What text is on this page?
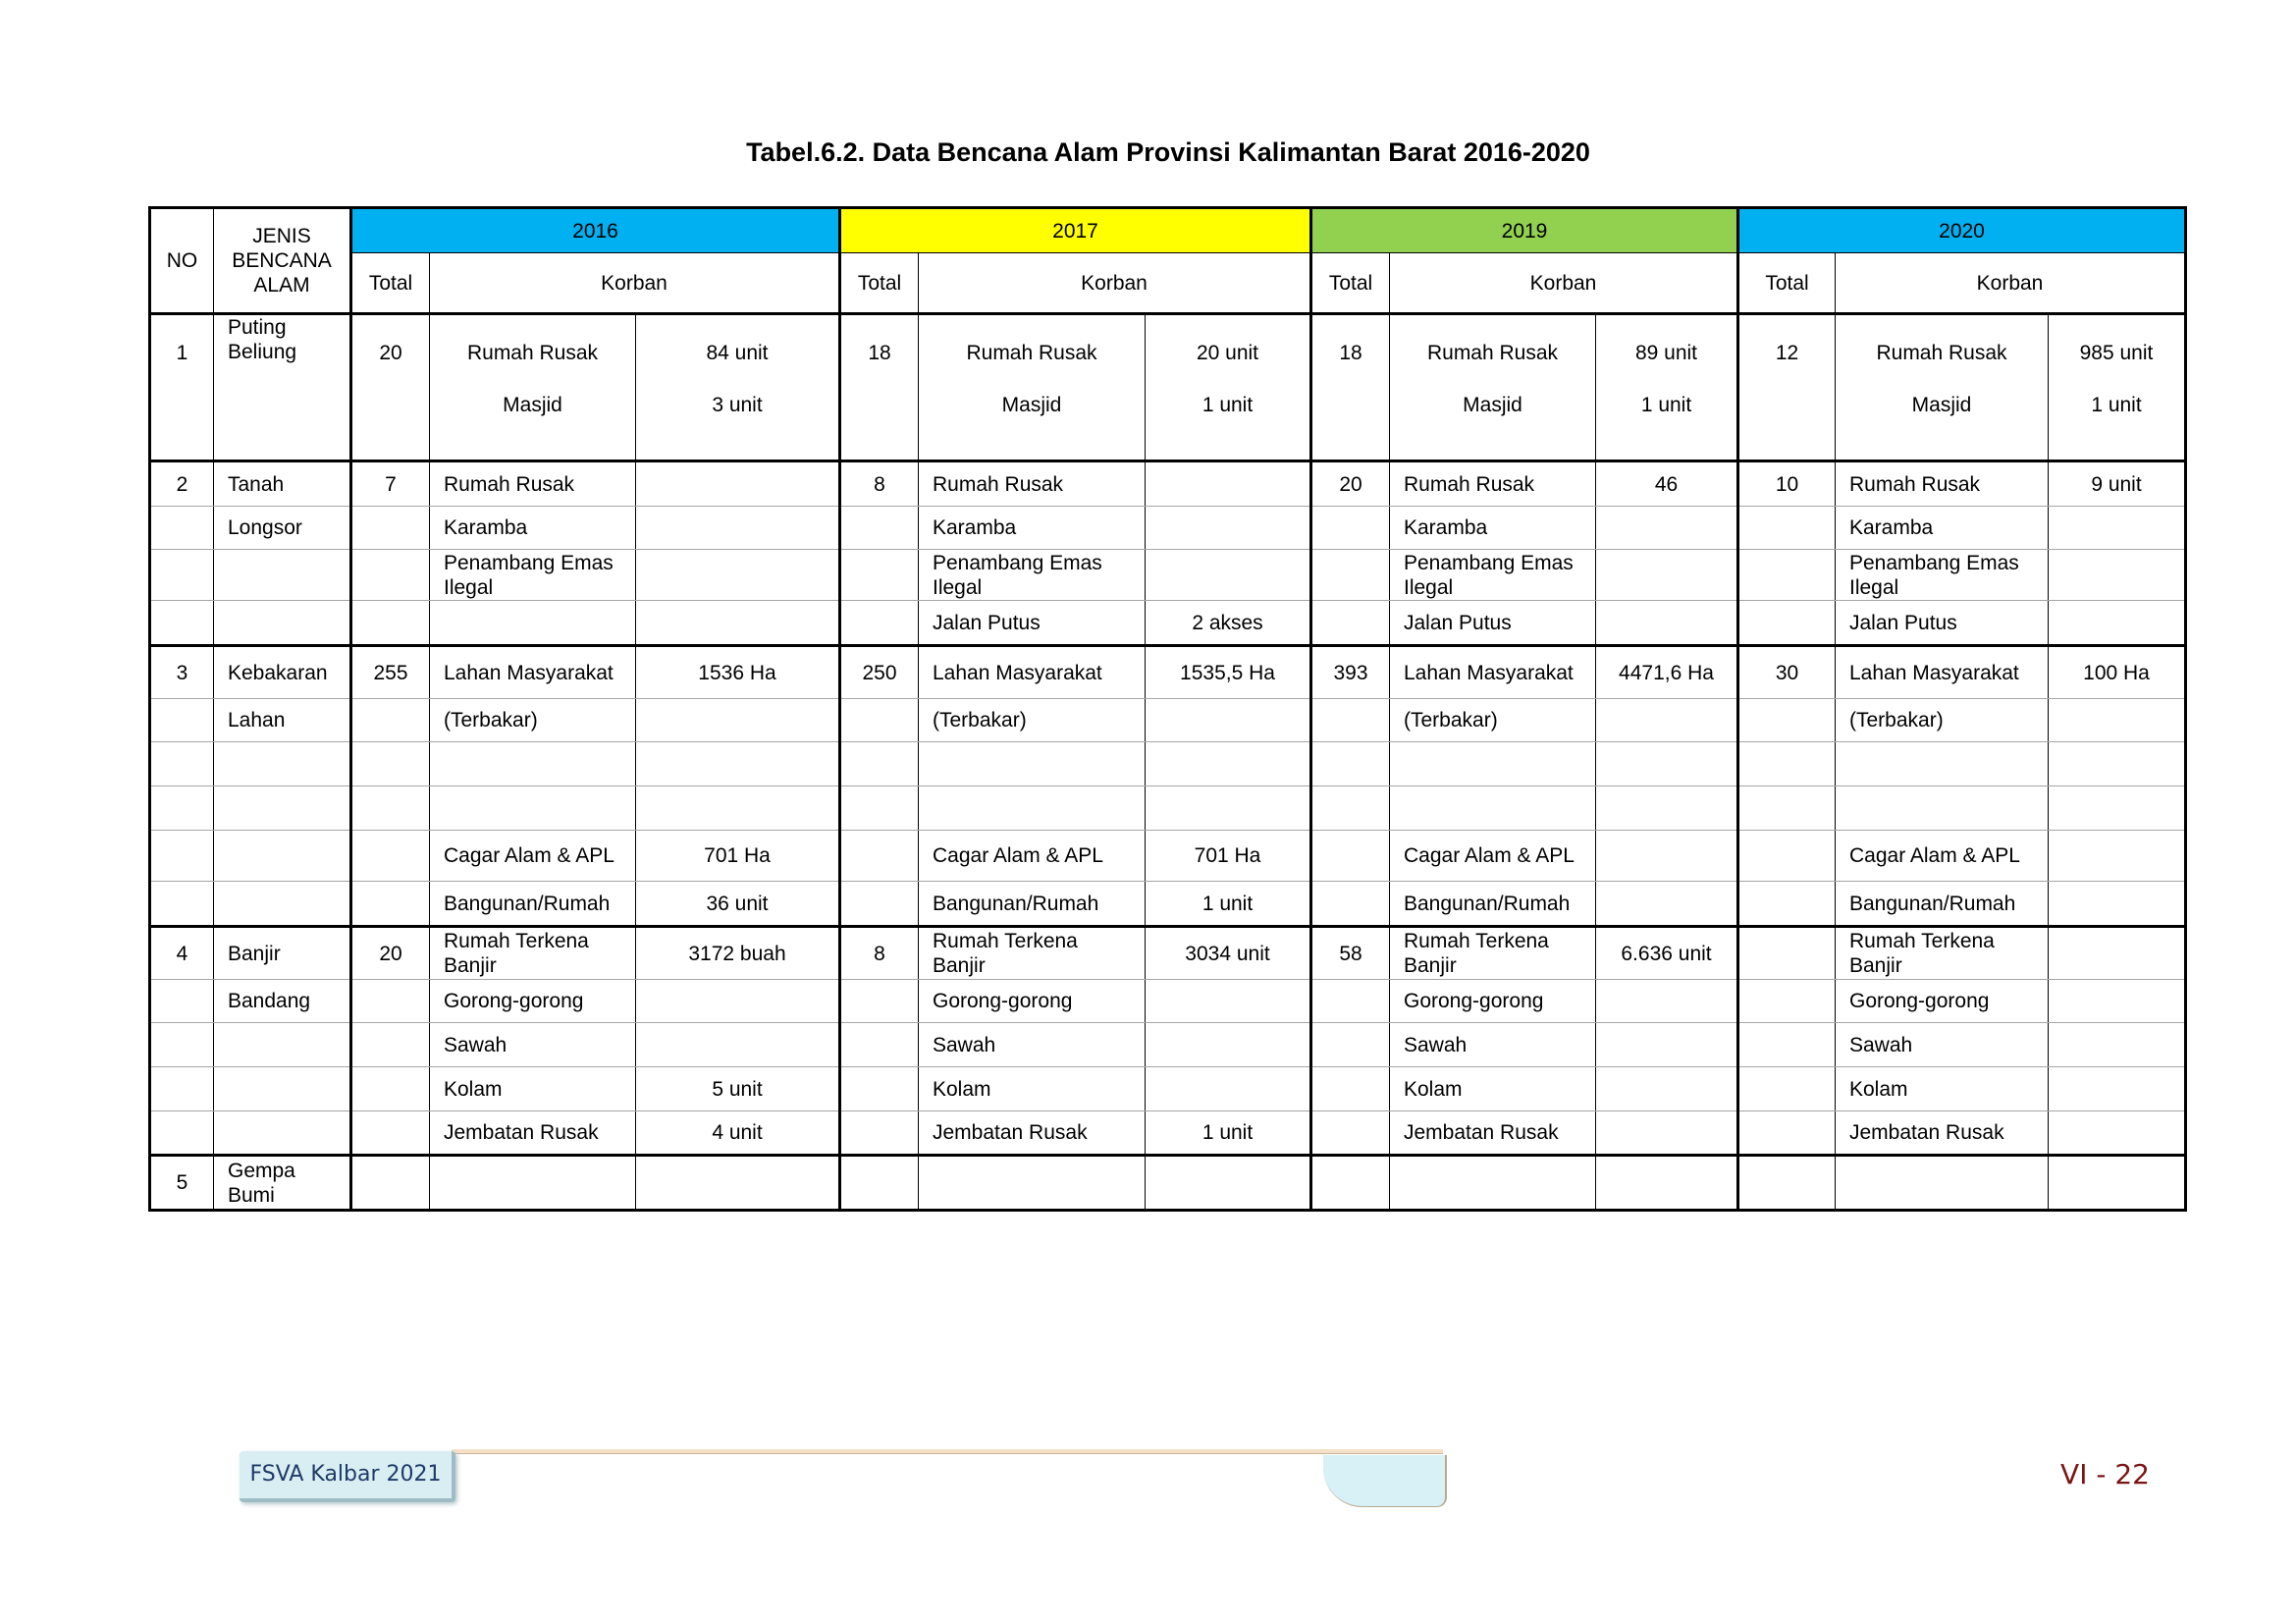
Tabel.6.2. Data Bencana Alam Provinsi Kalimantan Barat 2016-2020
NO	JENIS
BENCANA ALAM	2016			2017			2019			2020		
		Total	Korban		Total	Korban		Total	Korban		Total	Korban	
1	Puting Beliung	20	Rumah Rusak	84 unit	18	Rumah Rusak	20 unit	18	Rumah Rusak	89 unit	12	Rumah Rusak	985 unit
			Masjid	3 unit		Masjid	1 unit		Masjid	1 unit		Masjid	1 unit
2	Tanah	7	Rumah Rusak		8	Rumah Rusak		20	Rumah Rusak	46	10	Rumah Rusak	9 unit
	Longsor		Karamba			Karamba			Karamba			Karamba	
			Penambang Emas Ilegal			Penambang Emas Ilegal			Penambang Emas Ilegal			Penambang Emas Ilegal	
						Jalan Putus	2 akses		Jalan Putus			Jalan Putus	
3	Kebakaran	255	Lahan Masyarakat	1536 Ha	250	Lahan Masyarakat	1535,5 Ha	393	Lahan Masyarakat	4471,6 Ha	30	Lahan Masyarakat	100 Ha
	Lahan		(Terbakar)			(Terbakar)			(Terbakar)			(Terbakar)	

			Cagar Alam & APL	701 Ha		Cagar Alam & APL	701 Ha		Cagar Alam & APL			Cagar Alam & APL	
			Bangunan/Rumah	36 unit		Bangunan/Rumah	1 unit		Bangunan/Rumah			Bangunan/Rumah	
4	Banjir	20	Rumah Terkena Banjir	3172 buah	8	Rumah Terkena Banjir	3034 unit	58	Rumah Terkena Banjir	6.636 unit		Rumah Terkena Banjir	
	Bandang		Gorong-gorong			Gorong-gorong			Gorong-gorong			Gorong-gorong	
			Sawah			Sawah			Sawah			Sawah	
			Kolam	5 unit		Kolam			Kolam			Kolam	
			Jembatan Rusak	4 unit		Jembatan Rusak	1 unit		Jembatan Rusak			Jembatan Rusak	
5	Gempa Bumi												
FSVA Kalbar 2021	VI - 22
